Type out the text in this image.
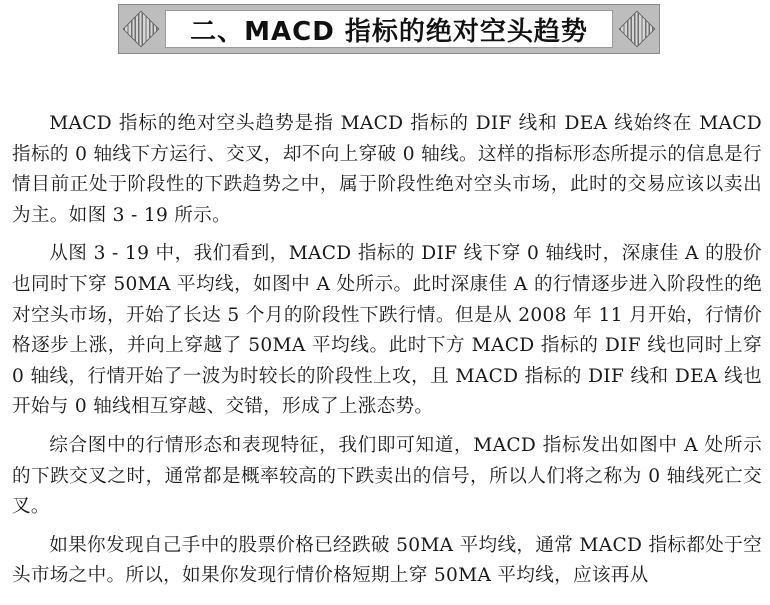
二、MACD 指标的绝对空头趋势

MACD 指标的绝对空头趋势是指 MACD 指标的 DIF 线和 DEA 线始终在 MACD 指标的 0 轴线下方运行、交叉，却不向上穿破 0 轴线。这样的指标形态所提示的信息是行情目前正处于阶段性的下跌趋势之中，属于阶段性绝对空头市场，此时的交易应该以卖出为主。如图 3 - 19 所示。

从图 3 - 19 中，我们看到，MACD 指标的 DIF 线下穿 0 轴线时，深康佳 A 的股价也同时下穿 50MA 平均线，如图中 A 处所示。此时深康佳 A 的行情逐步进入阶段性的绝对空头市场，开始了长达 5 个月的阶段性下跌行情。但是从 2008 年 11 月开始，行情价格逐步上涨，并向上穿越了 50MA 平均线。此时下方 MACD 指标的 DIF 线也同时上穿 0 轴线，行情开始了一波为时较长的阶段性上攻，且 MACD 指标的 DIF 线和 DEA 线也开始与 0 轴线相互穿越、交错，形成了上涨态势。

综合图中的行情形态和表现特征，我们即可知道，MACD 指标发出如图中 A 处所示的下跌交叉之时，通常都是概率较高的下跌卖出的信号，所以人们将之称为 0 轴线死亡交叉。

如果你发现自己手中的股票价格已经跌破 50MA 平均线，通常 MACD 指标都处于空头市场之中。所以，如果你发现行情价格短期上穿 50MA 平均线，应该再从
